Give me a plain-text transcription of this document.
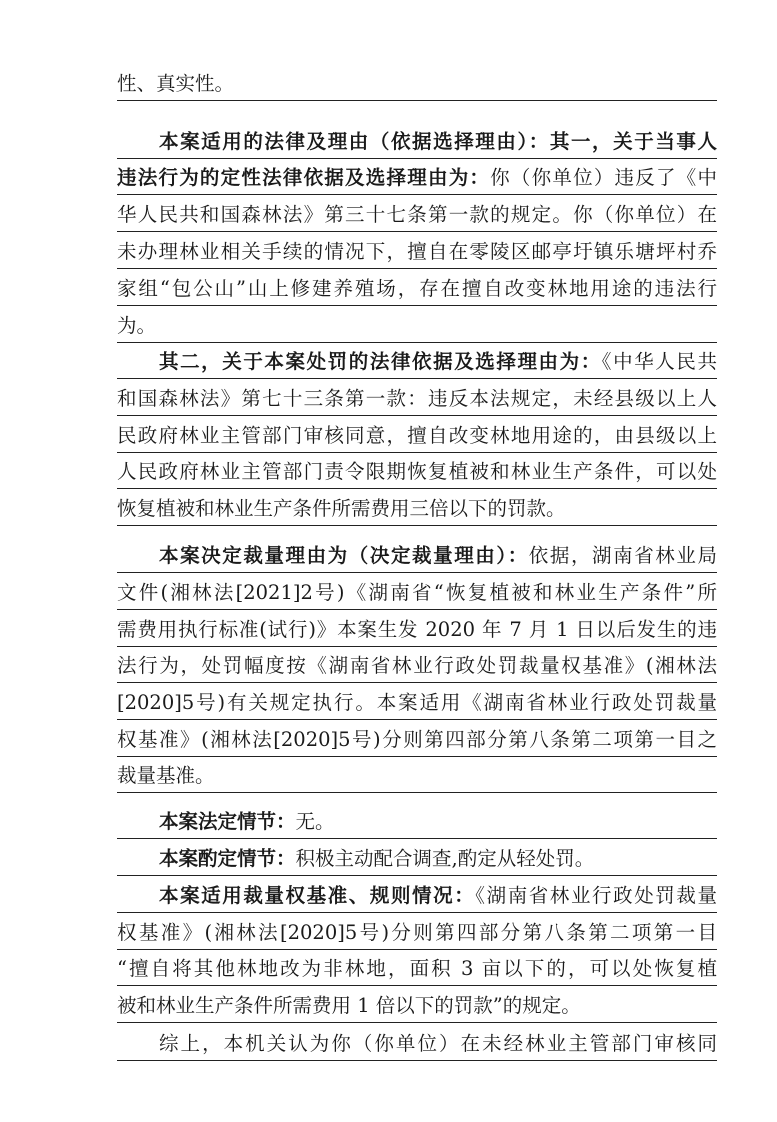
性、真实性。
本案适用的法律及理由（依据选择理由）：其一，关于当事人
违法行为的定性法律依据及选择理由为：你（你单位）违反了《中
华人民共和国森林法》第三十七条第一款的规定。你（你单位）在
未办理林业相关手续的情况下，擅自在零陵区邮亭圩镇乐塘坪村乔
家组“包公山”山上修建养殖场，存在擅自改变林地用途的违法行
为。
其二，关于本案处罚的法律依据及选择理由为：《中华人民共
和国森林法》第七十三条第一款：违反本法规定，未经县级以上人
民政府林业主管部门审核同意，擅自改变林地用途的，由县级以上
人民政府林业主管部门责令限期恢复植被和林业生产条件，可以处
恢复植被和林业生产条件所需费用三倍以下的罚款。
本案决定裁量理由为（决定裁量理由）：依据，湖南省林业局
文件(湘林法[2021]2号)《湖南省“恢复植被和林业生产条件”所
需费用执行标准(试行)》本案生发 2020 年 7 月 1 日以后发生的违
法行为，处罚幅度按《湖南省林业行政处罚裁量权基准》(湘林法
[2020]5号)有关规定执行。本案适用《湖南省林业行政处罚裁量
权基准》(湘林法[2020]5号)分则第四部分第八条第二项第一目之
裁量基准。
本案法定情节：无。
本案酌定情节：积极主动配合调查,酌定从轻处罚。
本案适用裁量权基准、规则情况：《湖南省林业行政处罚裁量
权基准》(湘林法[2020]5号)分则第四部分第八条第二项第一目
“擅自将其他林地改为非林地，面积 3 亩以下的，可以处恢复植
被和林业生产条件所需费用 1 倍以下的罚款”的规定。
综上，本机关认为你（你单位）在未经林业主管部门审核同
